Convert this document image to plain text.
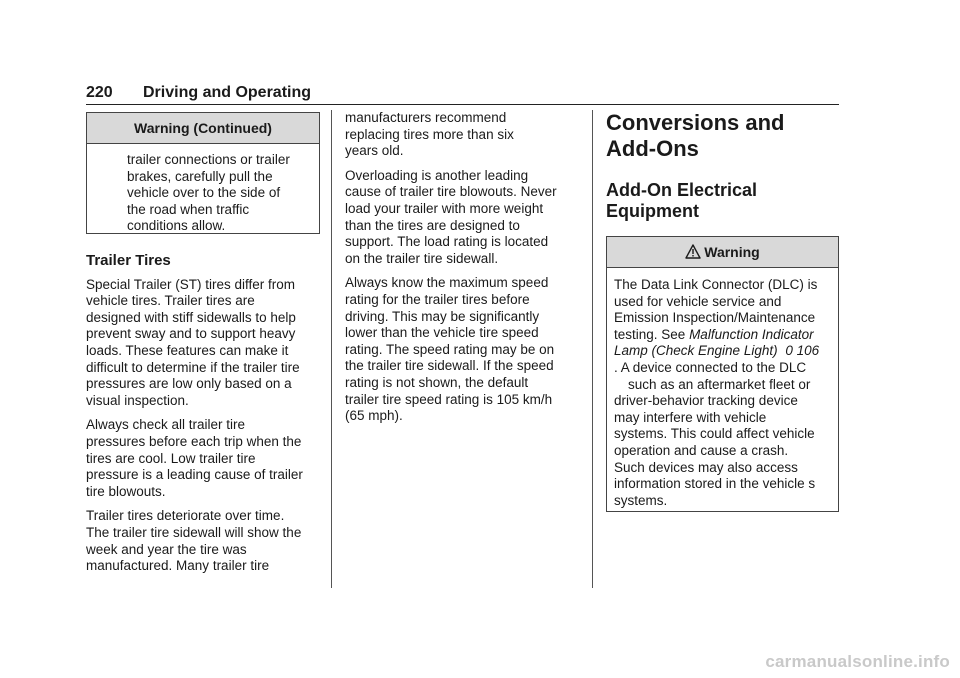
220 Driving and Operating
Warning (Continued)
trailer connections or trailer
brakes, carefully pull the
vehicle over to the side of
the road when traffic
conditions allow.
Trailer Tires

Special Trailer (ST) tires differ from
vehicle tires. Trailer tires are
designed with stiff sidewalls to help
prevent sway and to support heavy
loads. These features can make it
difficult to determine if the trailer tire
pressures are low only based on a
visual inspection.

Always check all trailer tire
pressures before each trip when the
tires are cool. Low trailer tire
pressure is a leading cause of trailer
tire blowouts.

Trailer tires deteriorate over time.
The trailer tire sidewall will show the
week and year the tire was
manufactured. Many trailer tire

manufacturers recommend
replacing tires more than six
years old.

Overloading is another leading
cause of trailer tire blowouts. Never
load your trailer with more weight
than the tires are designed to
support. The load rating is located
on the trailer tire sidewall.

Always know the maximum speed
rating for the trailer tires before
driving. This may be significantly
lower than the vehicle tire speed
rating. The speed rating may be on
the trailer tire sidewall. If the speed
rating is not shown, the default
trailer tire speed rating is 105 km/h
(65 mph).

Conversions and
Add-Ons
Add-On Electrical
Equipment
Warning
The Data Link Connector (DLC) is
used for vehicle service and
Emission Inspection/Maintenance
testing. See Malfunction Indicator
Lamp (Check Engine Light) 0 106
. A device connected to the DLC
such as an aftermarket fleet or
driver-behavior tracking device
may interfere with vehicle
systems. This could affect vehicle
operation and cause a crash.
Such devices may also access
information stored in the vehicle s
systems.
carmanualsonline.info
